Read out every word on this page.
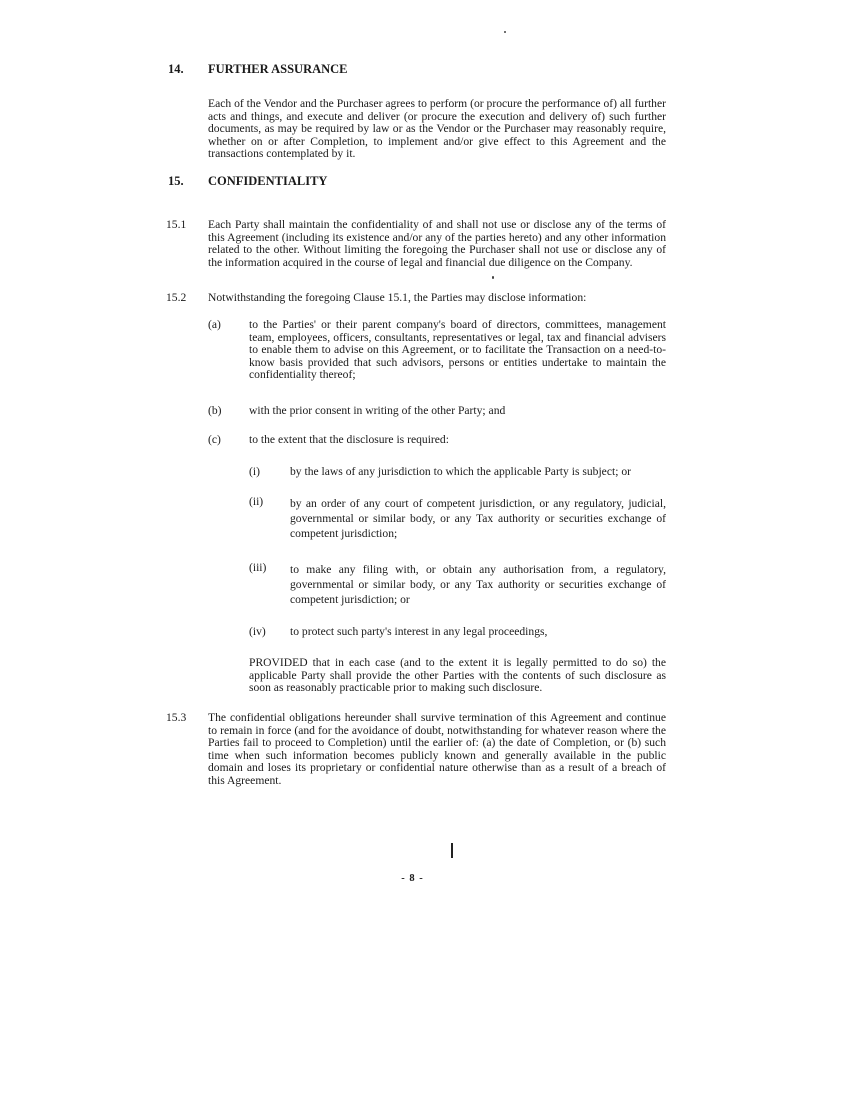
14. FURTHER ASSURANCE
Each of the Vendor and the Purchaser agrees to perform (or procure the performance of) all further acts and things, and execute and deliver (or procure the execution and delivery of) such further documents, as may be required by law or as the Vendor or the Purchaser may reasonably require, whether on or after Completion, to implement and/or give effect to this Agreement and the transactions contemplated by it.
15. CONFIDENTIALITY
15.1 Each Party shall maintain the confidentiality of and shall not use or disclose any of the terms of this Agreement (including its existence and/or any of the parties hereto) and any other information related to the other. Without limiting the foregoing the Purchaser shall not use or disclose any of the information acquired in the course of legal and financial due diligence on the Company.
15.2 Notwithstanding the foregoing Clause 15.1, the Parties may disclose information:
(a) to the Parties' or their parent company's board of directors, committees, management team, employees, officers, consultants, representatives or legal, tax and financial advisers to enable them to advise on this Agreement, or to facilitate the Transaction on a need-to-know basis provided that such advisors, persons or entities undertake to maintain the confidentiality thereof;
(b) with the prior consent in writing of the other Party; and
(c) to the extent that the disclosure is required:
(i)	by the laws of any jurisdiction to which the applicable Party is subject; or
(ii) by an order of any court of competent jurisdiction, or any regulatory, judicial, governmental or similar body, or any Tax authority or securities exchange of competent jurisdiction;
(iii) to make any filing with, or obtain any authorisation from, a regulatory, governmental or similar body, or any Tax authority or securities exchange of competent jurisdiction; or
(iv) to protect such party's interest in any legal proceedings,
PROVIDED that in each case (and to the extent it is legally permitted to do so) the applicable Party shall provide the other Parties with the contents of such disclosure as soon as reasonably practicable prior to making such disclosure.
15.3 The confidential obligations hereunder shall survive termination of this Agreement and continue to remain in force (and for the avoidance of doubt, notwithstanding for whatever reason where the Parties fail to proceed to Completion) until the earlier of: (a) the date of Completion, or (b) such time when such information becomes publicly known and generally available in the public domain and loses its proprietary or confidential nature otherwise than as a result of a breach of this Agreement.
- 8 -
